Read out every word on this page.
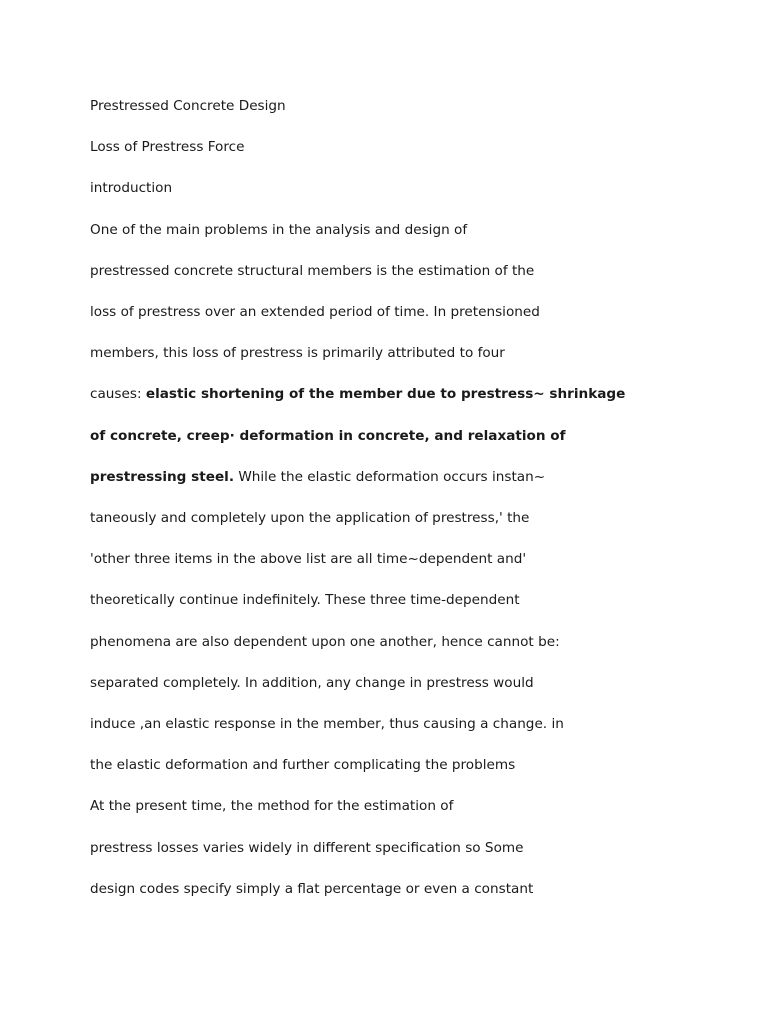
Prestressed Concrete Design
Loss of Prestress Force
introduction
One of the main problems in the analysis and design of
prestressed concrete structural members is the estimation of the
loss of prestress over an extended period of time. In pretensioned
members, this loss of prestress is primarily attributed to four
causes: elastic shortening of the member due to prestress~ shrinkage
of concrete, creep· deformation in concrete, and relaxation of
prestressing steel. While the elastic deformation occurs instan~
taneously and completely upon the application of prestress,' the
'other three items in the above list are all time~dependent and'
theoretically continue indefinitely. These three time-dependent
phenomena are also dependent upon one another, hence cannot be:
separated completely. In addition, any change in prestress would
induce ,an elastic response in the member, thus causing a change. in
the elastic deformation and further complicating the problems
At the present time, the method for the estimation of
prestress losses varies widely in different specification so Some
design codes specify simply a flat percentage or even a constant
